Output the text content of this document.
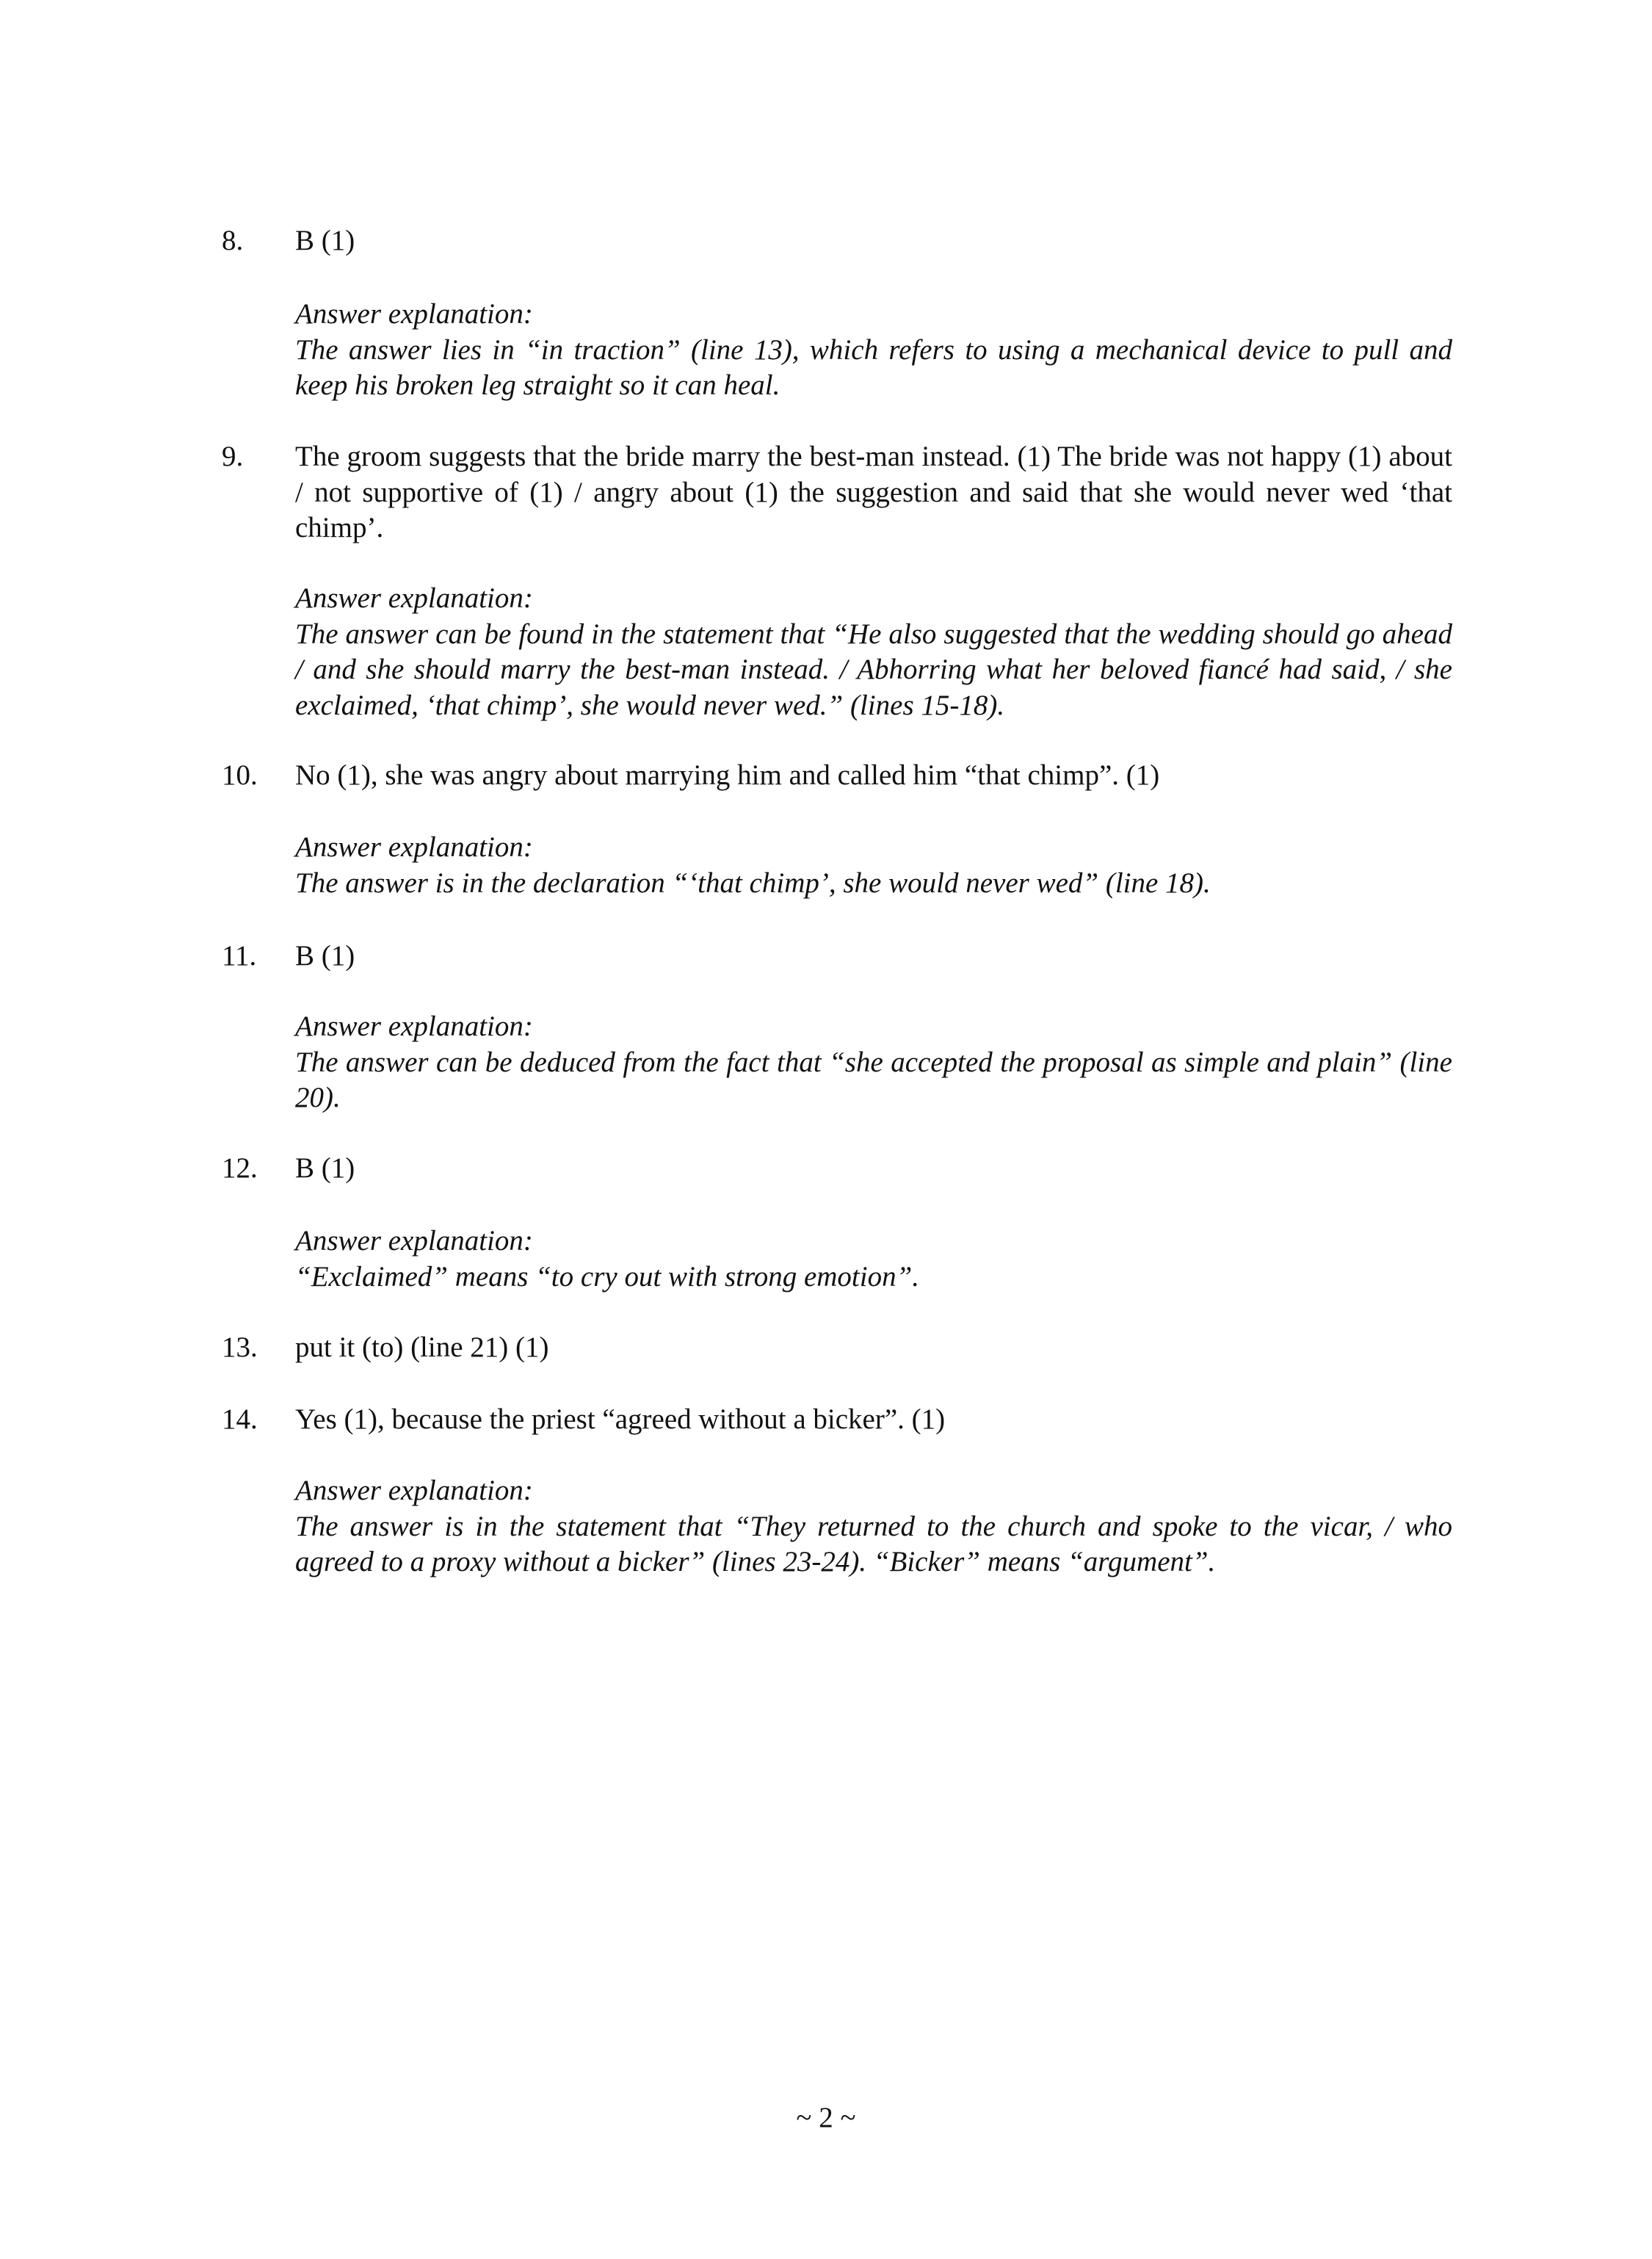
8. B (1)
Answer explanation:
The answer lies in “in traction” (line 13), which refers to using a mechanical device to pull and keep his broken leg straight so it can heal.
9. The groom suggests that the bride marry the best-man instead. (1) The bride was not happy (1) about / not supportive of (1) / angry about (1) the suggestion and said that she would never wed ‘that chimp’.
Answer explanation:
The answer can be found in the statement that “He also suggested that the wedding should go ahead / and she should marry the best-man instead. / Abhorring what her beloved fiancé had said, / she exclaimed, ‘that chimp’, she would never wed.” (lines 15-18).
10. No (1), she was angry about marrying him and called him “that chimp”. (1)
Answer explanation:
The answer is in the declaration “‘that chimp’, she would never wed” (line 18).
11. B (1)
Answer explanation:
The answer can be deduced from the fact that “she accepted the proposal as simple and plain” (line 20).
12. B (1)
Answer explanation:
“Exclaimed” means “to cry out with strong emotion”.
13. put it (to) (line 21) (1)
14. Yes (1), because the priest “agreed without a bicker”. (1)
Answer explanation:
The answer is in the statement that “They returned to the church and spoke to the vicar, / who agreed to a proxy without a bicker” (lines 23-24). “Bicker” means “argument”.
~ 2 ~
